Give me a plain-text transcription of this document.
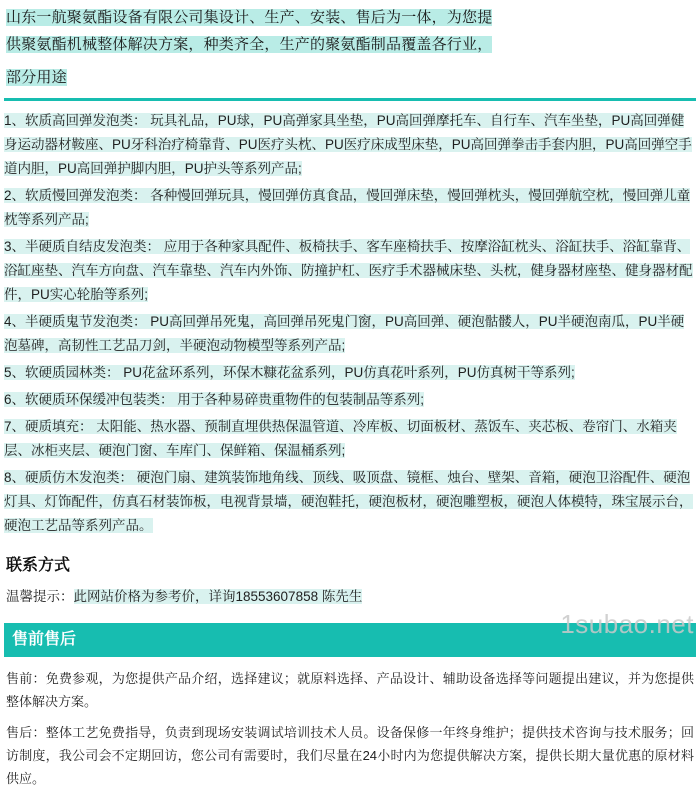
山东一航聚氨酯设备有限公司集设计、生产、安装、售后为一体，为您提
供聚氨酯机械整体解决方案，种类齐全，生产的聚氨酯制品覆盖各行业，
部分用途
1、软质高回弹发泡类： 玩具礼品，PU球，PU高弹家具坐垫，PU高回弹摩托车、自行车、汽车坐垫，PU高回弹健身运动器材鞍座、PU牙科治疗椅靠背、PU医疗头枕、PU医疗床成型床垫，PU高回弹拳击手套内胆，PU高回弹空手道内胆，PU高回弹护脚内胆，PU护头等系列产品;
2、软质慢回弹发泡类： 各种慢回弹玩具，慢回弹仿真食品，慢回弹床垫，慢回弹枕头，慢回弹航空枕，慢回弹儿童枕等系列产品;
3、半硬质自结皮发泡类： 应用于各种家具配件、板椅扶手、客车座椅扶手、按摩浴缸枕头、浴缸扶手、浴缸靠背、浴缸座垫、汽车方向盘、汽车靠垫、汽车内外饰、防撞护杠、医疗手术器械床垫、头枕，健身器材座垫、健身器材配件，PU实心轮胎等系列;
4、半硬质鬼节发泡类： PU高回弹吊死鬼，高回弹吊死鬼门窗，PU高回弹、硬泡骷髅人，PU半硬泡南瓜，PU半硬泡墓碑，高韧性工艺品刀剑，半硬泡动物模型等系列产品;
5、软硬质园林类： PU花盆环系列，环保木糠花盆系列，PU仿真花叶系列，PU仿真树干等系列;
6、软硬质环保缓冲包装类： 用于各种易碎贵重物件的包装制品等系列;
7、硬质填充： 太阳能、热水器、预制直埋供热保温管道、冷库板、切面板材、蒸饭车、夹芯板、卷帘门、水箱夹层、冰柜夹层、硬泡门窗、车库门、保鲜箱、保温桶系列;
8、硬质仿木发泡类： 硬泡门扇、建筑装饰地角线、顶线、吸顶盘、镜框、烛台、壁架、音箱，硬泡卫浴配件、硬泡灯具、灯饰配件，仿真石材装饰板，电视背景墙，硬泡鞋托，硬泡板材，硬泡雕塑板，硬泡人体模特，珠宝展示台，硬泡工艺品等系列产品。
联系方式
温馨提示：此网站价格为参考价，详询18553607858 陈先生
售前售后
售前：免费参观，为您提供产品介绍，选择建议；就原料选择、产品设计、辅助设备选择等问题提出建议，并为您提供整体解决方案。
售后：整体工艺免费指导，负责到现场安装调试培训技术人员。设备保修一年终身维护；提供技术咨询与技术服务；回访制度，我公司会不定期回访，您公司有需要时，我们尽量在24小时内为您提供解决方案，提供长期大量优惠的原材料供应。
1subao.net
